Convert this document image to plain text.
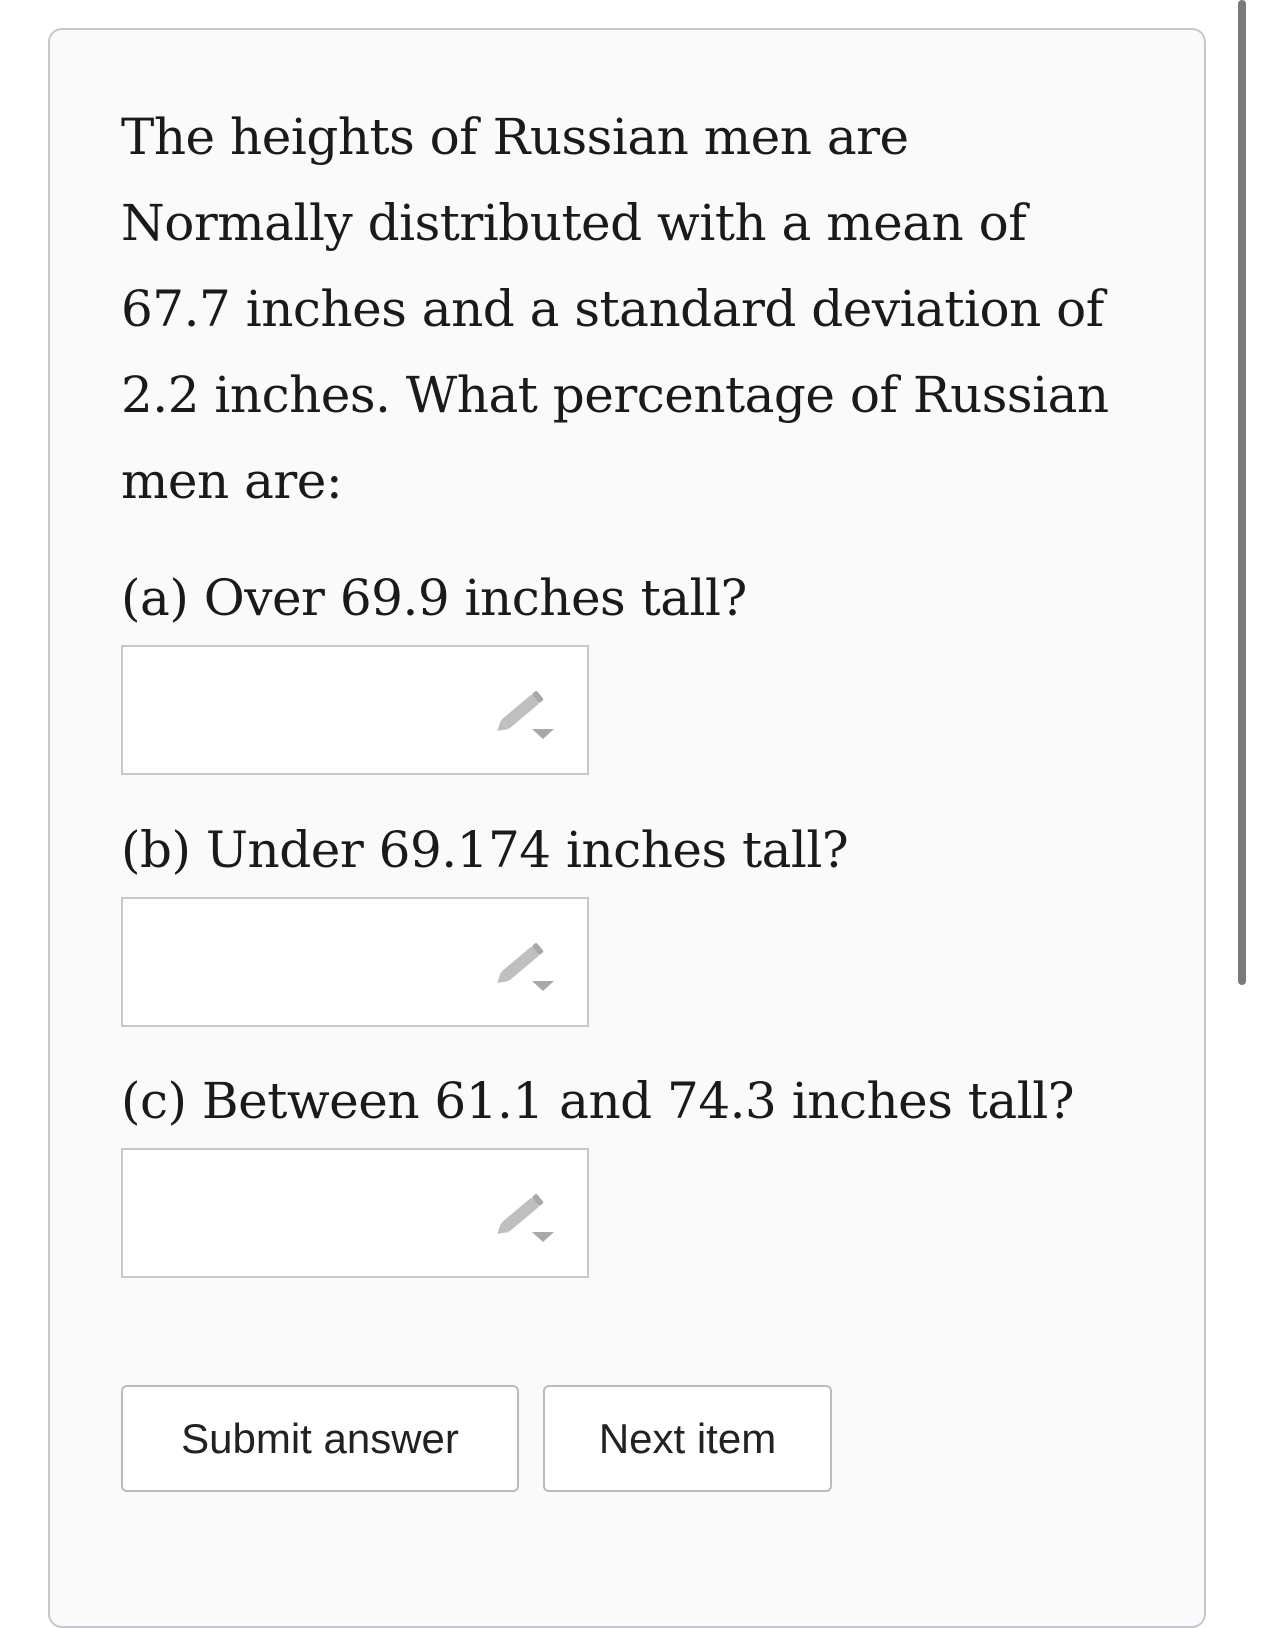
The heights of Russian men are Normally distributed with a mean of 67.7 inches and a standard deviation of 2.2 inches. What percentage of Russian men are:

(a) Over 69.9 inches tall?

(b) Under 69.174 inches tall?

(c) Between 61.1 and 74.3 inches tall?

Submit answer	Next item
